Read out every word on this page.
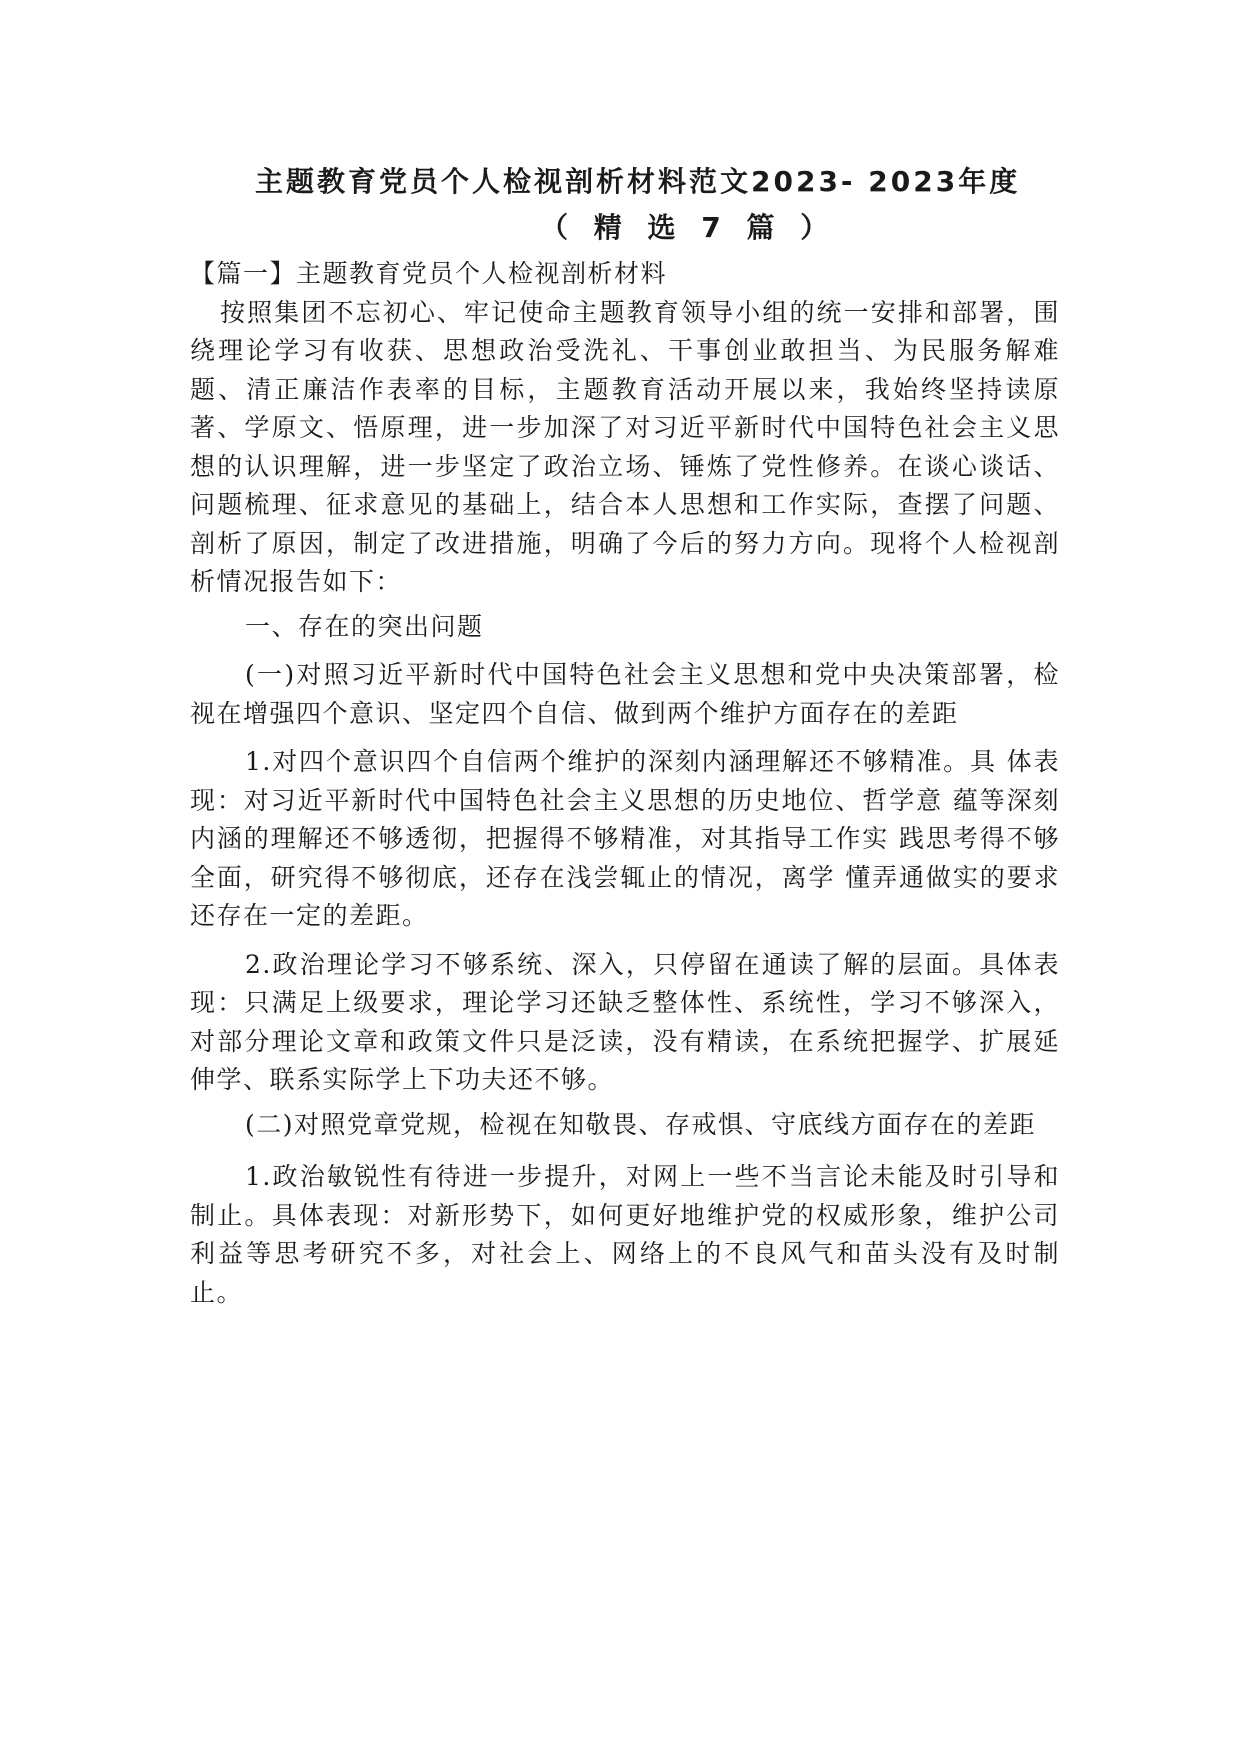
主题教育党员个人检视剖析材料范文2023- 2023年度
（ 精 选 7 篇 ）

【篇一】主题教育党员个人检视剖析材料

按照集团不忘初心、牢记使命主题教育领导小组的统一安排和部署，围绕理论学习有收获、思想政治受洗礼、干事创业敢担当、为民服务解难题、清正廉洁作表率的目标，主题教育活动开展以来，我始终坚持读原著、学原文、悟原理，进一步加深了对习近平新时代中国特色社会主义思想的认识理解，进一步坚定了政治立场、锤炼了党性修养。在谈心谈话、问题梳理、征求意见的基础上，结合本人思想和工作实际，查摆了问题、剖析了原因，制定了改进措施，明确了今后的努力方向。现将个人检视剖析情况报告如下：

一、存在的突出问题

(一)对照习近平新时代中国特色社会主义思想和党中央决策部署，检视在增强四个意识、坚定四个自信、做到两个维护方面存在的差距

1.对四个意识四个自信两个维护的深刻内涵理解还不够精准。具 体表现：对习近平新时代中国特色社会主义思想的历史地位、哲学意 蕴等深刻内涵的理解还不够透彻，把握得不够精准，对其指导工作实 践思考得不够全面，研究得不够彻底，还存在浅尝辄止的情况，离学 懂弄通做实的要求还存在一定的差距。

2.政治理论学习不够系统、深入，只停留在通读了解的层面。具体表现：只满足上级要求，理论学习还缺乏整体性、系统性，学习不够深入，对部分理论文章和政策文件只是泛读，没有精读，在系统把握学、扩展延伸学、联系实际学上下功夫还不够。

(二)对照党章党规，检视在知敬畏、存戒惧、守底线方面存在的差距

1.政治敏锐性有待进一步提升，对网上一些不当言论未能及时引导和制止。具体表现：对新形势下，如何更好地维护党的权威形象，维护公司利益等思考研究不多，对社会上、网络上的不良风气和苗头没有及时制止。
